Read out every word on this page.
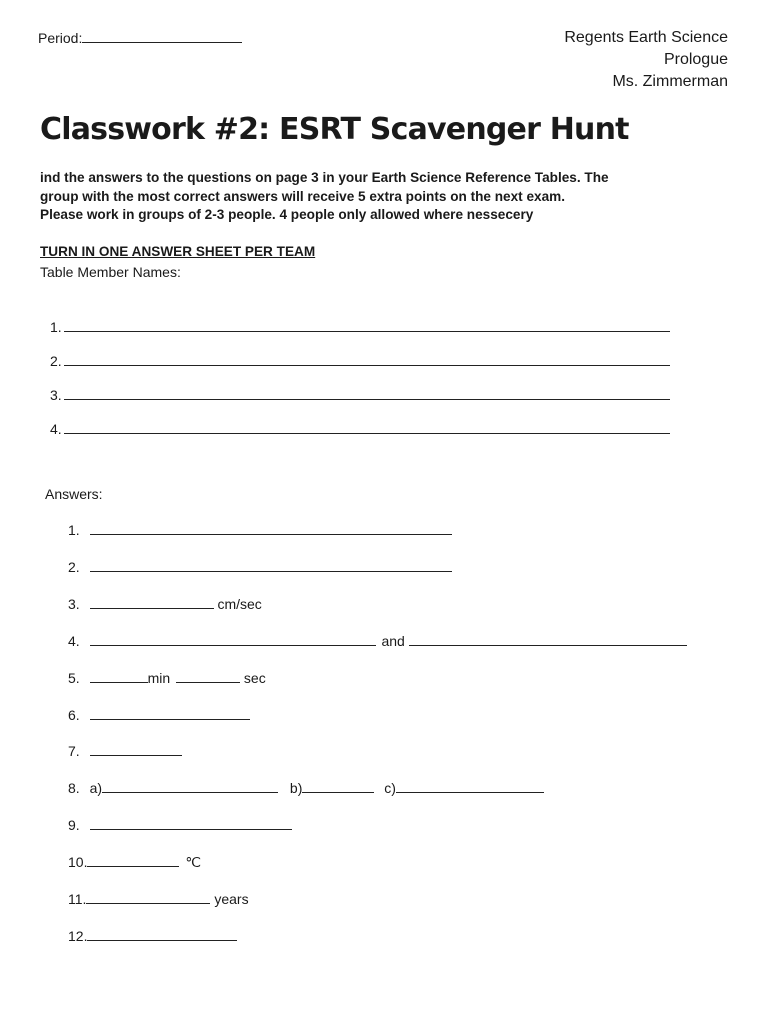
Period:	Regents Earth Science
Prologue
Ms. Zimmerman
Classwork #2: ESRT Scavenger Hunt
ind the answers to the questions on page 3 in your Earth Science Reference Tables. The
group with the most correct answers will receive 5 extra points on the next exam.
Please work in groups of 2-3 people. 4 people only allowed where nessecery
TURN IN ONE ANSWER SHEET PER TEAM
Table Member Names:
1.
2.
3.
4.
Answers:
1.
2.
3.	cm/sec
4.	and
5.	min	sec
6.
7.
8. a)	b)	c)
9.
10.	℃
11.	years
12.
